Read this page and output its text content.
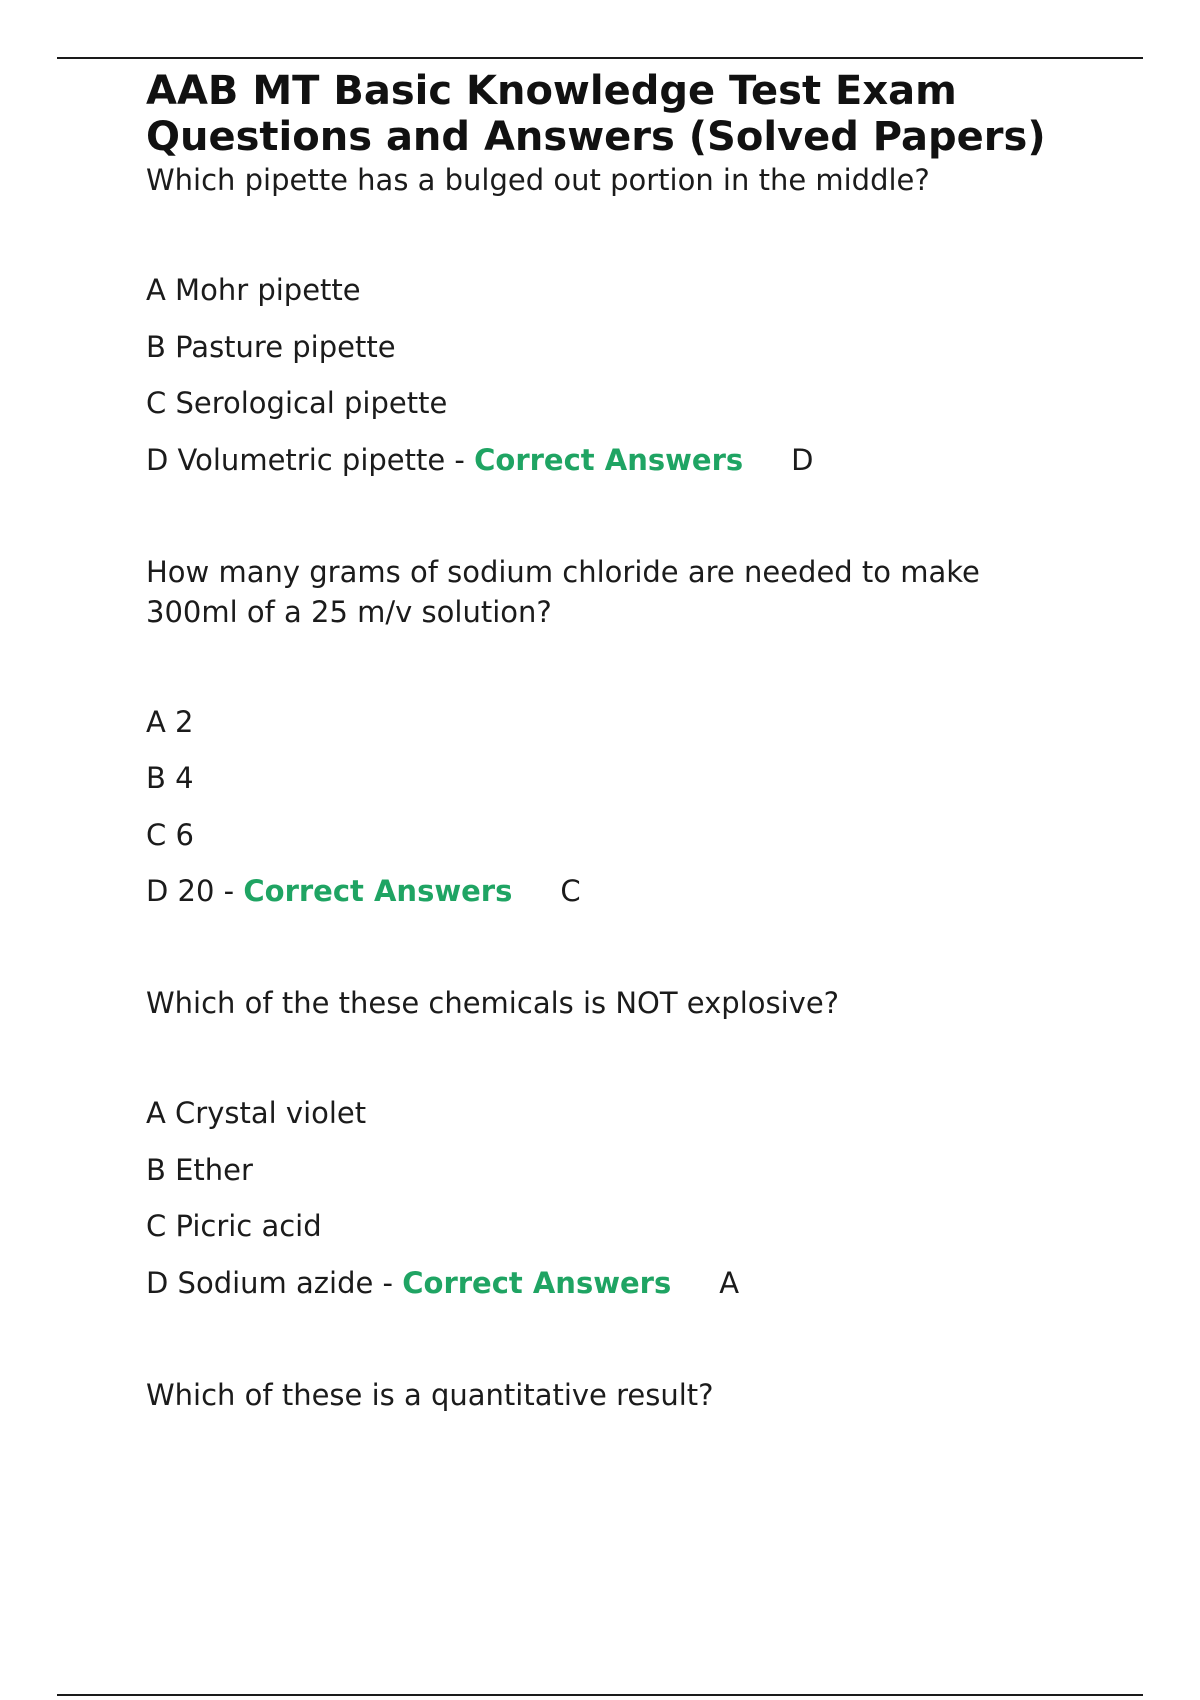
AAB MT Basic Knowledge Test Exam Questions and Answers (Solved Papers)

Which pipette has a bulged out portion in the middle?

A Mohr pipette
B Pasture pipette
C Serological pipette
D Volumetric pipette - Correct Answers D

How many grams of sodium chloride are needed to make 300ml of a 25 m/v solution?

A 2
B 4
C 6
D 20 - Correct Answers C

Which of the these chemicals is NOT explosive?

A Crystal violet
B Ether
C Picric acid
D Sodium azide - Correct Answers A

Which of these is a quantitative result?
